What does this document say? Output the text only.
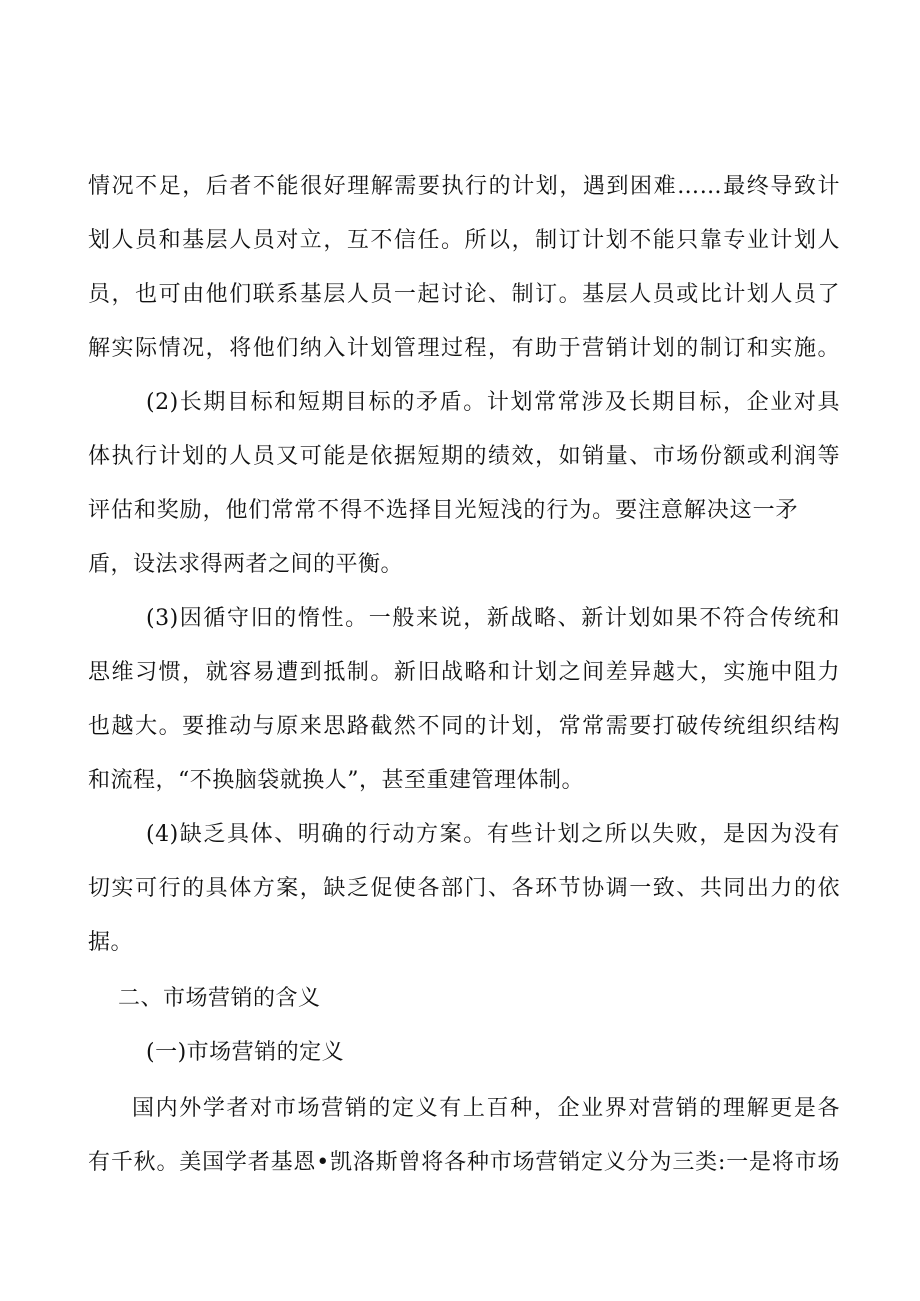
情况不足，后者不能很好理解需要执行的计划，遇到困难……最终导致计
划人员和基层人员对立，互不信任。所以，制订计划不能只靠专业计划人
员，也可由他们联系基层人员一起讨论、制订。基层人员或比计划人员了
解实际情况，将他们纳入计划管理过程，有助于营销计划的制订和实施。
(2)长期目标和短期目标的矛盾。计划常常涉及长期目标，企业对具
体执行计划的人员又可能是依据短期的绩效，如销量、市场份额或利润等
评估和奖励，他们常常不得不选择目光短浅的行为。要注意解决这一矛
盾，设法求得两者之间的平衡。
(3)因循守旧的惰性。一般来说，新战略、新计划如果不符合传统和
思维习惯，就容易遭到抵制。新旧战略和计划之间差异越大，实施中阻力
也越大。要推动与原来思路截然不同的计划，常常需要打破传统组织结构
和流程，“不换脑袋就换人”，甚至重建管理体制。
(4)缺乏具体、明确的行动方案。有些计划之所以失败，是因为没有
切实可行的具体方案，缺乏促使各部门、各环节协调一致、共同出力的依
据。
二、市场营销的含义
(一)市场营销的定义
国内外学者对市场营销的定义有上百种，企业界对营销的理解更是各
有千秋。美国学者基恩•凯洛斯曾将各种市场营销定义分为三类:一是将市场
